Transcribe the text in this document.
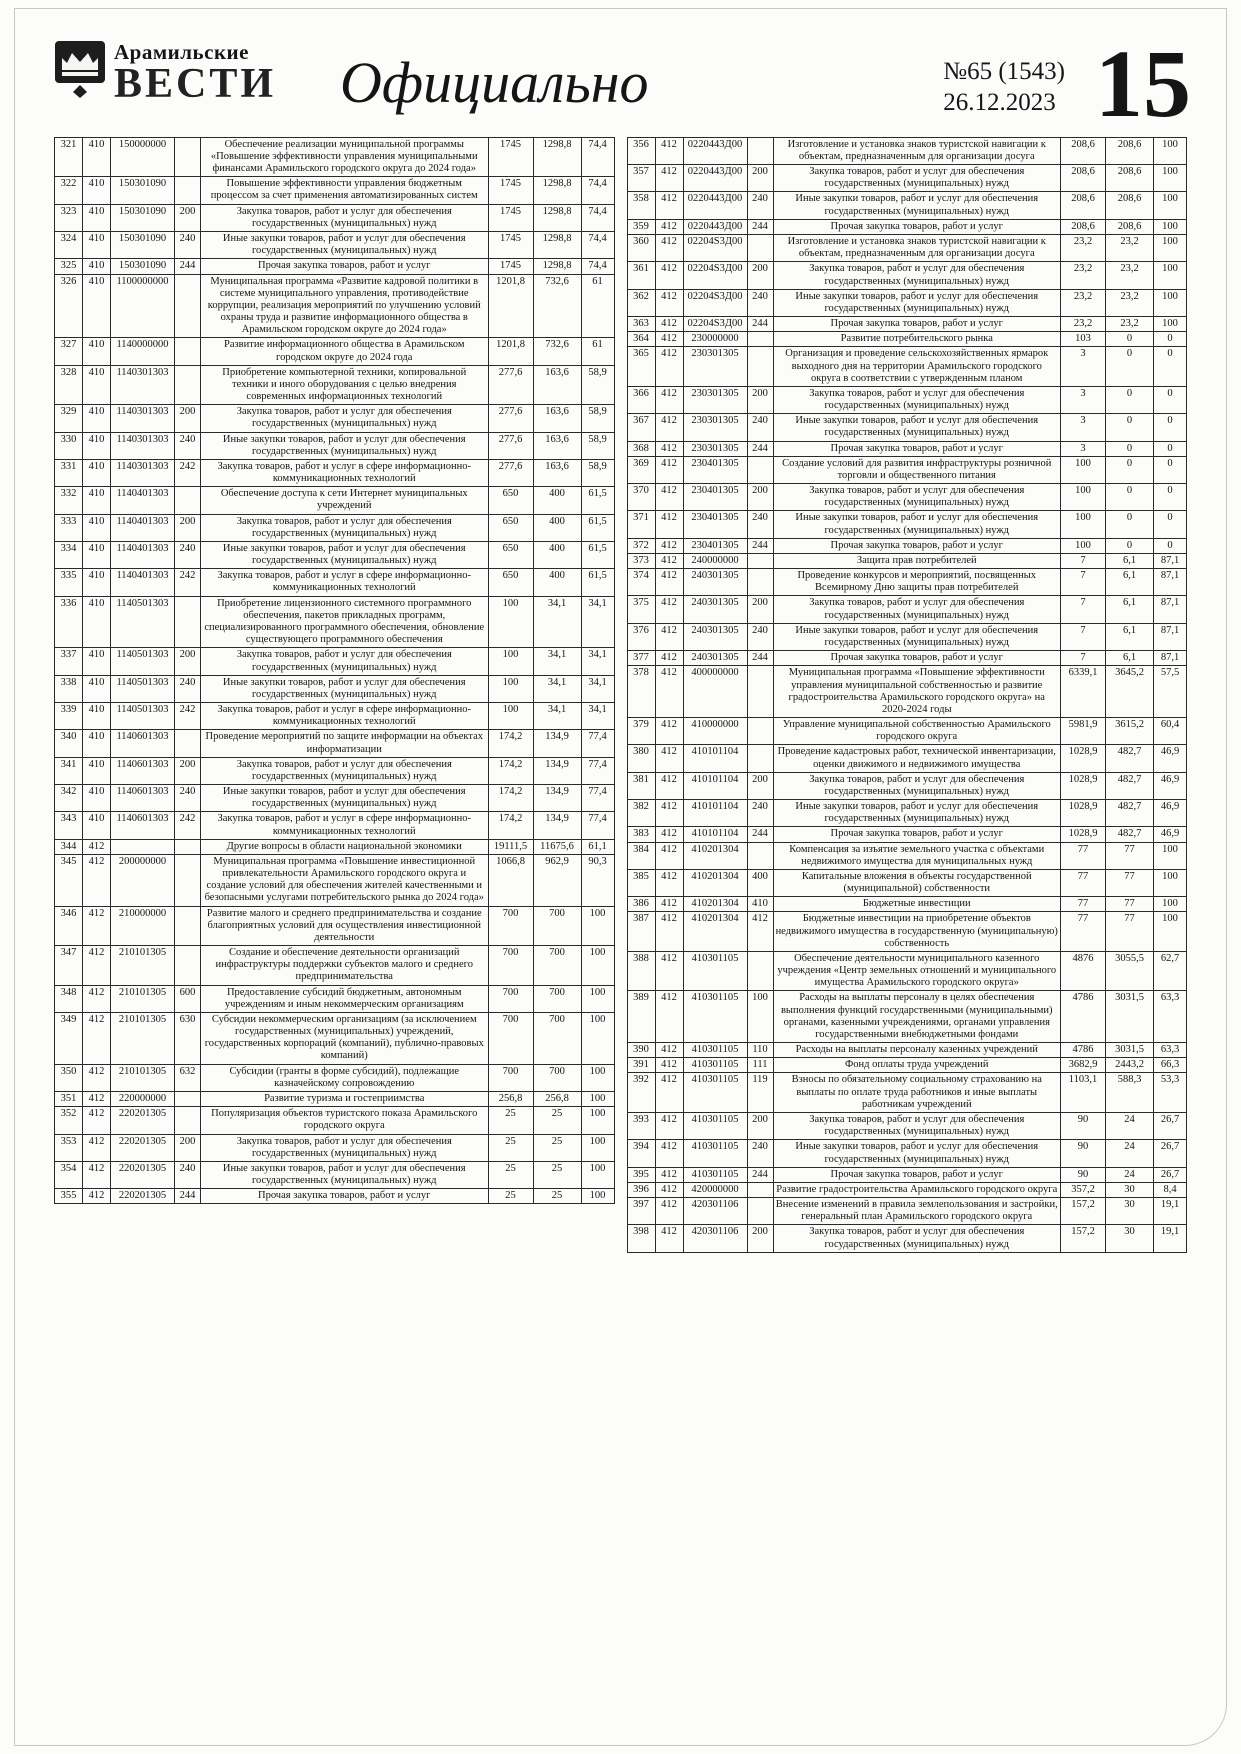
Арамильские
ВЕСТИ Официально	№65 (1543)
26.12.2023 15
321	410	150000000		Обеспечение реализации муниципальной программы «Повышение эффективности управления муниципальными финансами Арамильского городского округа до 2024 года»	1745	1298,8	74,4
322	410	150301090		Повышение эффективности управления бюджетным процессом за счет применения автоматизированных систем	1745	1298,8	74,4
323	410	150301090	200	Закупка товаров, работ и услуг для обеспечения государственных (муниципальных) нужд	1745	1298,8	74,4
324	410	150301090	240	Иные закупки товаров, работ и услуг для обеспечения государственных (муниципальных) нужд	1745	1298,8	74,4
325	410	150301090	244	Прочая закупка товаров, работ и услуг	1745	1298,8	74,4
326	410	1100000000		Муниципальная программа «Развитие кадровой политики в системе муниципального управления, противодействие коррупции, реализация мероприятий по улучшению условий охраны труда и развитие информационного общества в Арамильском городском округе до 2024 года»	1201,8	732,6	61
327	410	1140000000		Развитие информационного общества в Арамильском городском округе до 2024 года	1201,8	732,6	61
328	410	1140301303		Приобретение компьютерной техники, копировальной техники и иного оборудования с целью внедрения современных информационных технологий	277,6	163,6	58,9
329	410	1140301303	200	Закупка товаров, работ и услуг для обеспечения государственных (муниципальных) нужд	277,6	163,6	58,9
330	410	1140301303	240	Иные закупки товаров, работ и услуг для обеспечения государственных (муниципальных) нужд	277,6	163,6	58,9
331	410	1140301303	242	Закупка товаров, работ и услуг в сфере информационно-коммуникационных технологий	277,6	163,6	58,9
332	410	1140401303		Обеспечение доступа к сети Интернет муниципальных учреждений	650	400	61,5
333	410	1140401303	200	Закупка товаров, работ и услуг для обеспечения государственных (муниципальных) нужд	650	400	61,5
334	410	1140401303	240	Иные закупки товаров, работ и услуг для обеспечения государственных (муниципальных) нужд	650	400	61,5
335	410	1140401303	242	Закупка товаров, работ и услуг в сфере информационно-коммуникационных технологий	650	400	61,5
336	410	1140501303		Приобретение лицензионного системного программного обеспечения, пакетов прикладных программ, специализированного программного обеспечения, обновление существующего программного обеспечения	100	34,1	34,1
337	410	1140501303	200	Закупка товаров, работ и услуг для обеспечения государственных (муниципальных) нужд	100	34,1	34,1
338	410	1140501303	240	Иные закупки товаров, работ и услуг для обеспечения государственных (муниципальных) нужд	100	34,1	34,1
339	410	1140501303	242	Закупка товаров, работ и услуг в сфере информационно-коммуникационных технологий	100	34,1	34,1
340	410	1140601303		Проведение мероприятий по защите информации на объектах информатизации	174,2	134,9	77,4
341	410	1140601303	200	Закупка товаров, работ и услуг для обеспечения государственных (муниципальных) нужд	174,2	134,9	77,4
342	410	1140601303	240	Иные закупки товаров, работ и услуг для обеспечения государственных (муниципальных) нужд	174,2	134,9	77,4
343	410	1140601303	242	Закупка товаров, работ и услуг в сфере информационно-коммуникационных технологий	174,2	134,9	77,4
344	412			Другие вопросы в области национальной экономики	19111,5	11675,6	61,1
345	412	200000000		Муниципальная программа «Повышение инвестиционной привлекательности Арамильского городского округа и создание условий для обеспечения жителей качественными и безопасными услугами потребительского рынка до 2024 года»	1066,8	962,9	90,3
346	412	210000000		Развитие малого и среднего предпринимательства и создание благоприятных условий для осуществления инвестиционной деятельности	700	700	100
347	412	210101305		Создание и обеспечение деятельности организаций инфраструктуры поддержки субъектов малого и среднего предпринимательства	700	700	100
348	412	210101305	600	Предоставление субсидий бюджетным, автономным учреждениям и иным некоммерческим организациям	700	700	100
349	412	210101305	630	Субсидии некоммерческим организациям (за исключением государственных (муниципальных) учреждений, государственных корпораций (компаний), публично-правовых компаний)	700	700	100
350	412	210101305	632	Субсидии (гранты в форме субсидий), подлежащие казначейскому сопровождению	700	700	100
351	412	220000000		Развитие туризма и гостеприимства	256,8	256,8	100
352	412	220201305		Популяризация объектов туристского показа Арамильского городского округа	25	25	100
353	412	220201305	200	Закупка товаров, работ и услуг для обеспечения государственных (муниципальных) нужд	25	25	100
354	412	220201305	240	Иные закупки товаров, работ и услуг для обеспечения государственных (муниципальных) нужд	25	25	100
355	412	220201305	244	Прочая закупка товаров, работ и услуг	25	25	100
356	412	0220443Д00		Изготовление и установка знаков туристской навигации к объектам, предназначенным для организации досуга	208,6	208,6	100
357	412	0220443Д00	200	Закупка товаров, работ и услуг для обеспечения государственных (муниципальных) нужд	208,6	208,6	100
358	412	0220443Д00	240	Иные закупки товаров, работ и услуг для обеспечения государственных (муниципальных) нужд	208,6	208,6	100
359	412	0220443Д00	244	Прочая закупка товаров, работ и услуг	208,6	208,6	100
360	412	02204S3Д00		Изготовление и установка знаков туристской навигации к объектам, предназначенным для организации досуга	23,2	23,2	100
361	412	02204S3Д00	200	Закупка товаров, работ и услуг для обеспечения государственных (муниципальных) нужд	23,2	23,2	100
362	412	02204S3Д00	240	Иные закупки товаров, работ и услуг для обеспечения государственных (муниципальных) нужд	23,2	23,2	100
363	412	02204S3Д00	244	Прочая закупка товаров, работ и услуг	23,2	23,2	100
364	412	230000000		Развитие потребительского рынка	103	0	0
365	412	230301305		Организация и проведение сельскохозяйственных ярмарок выходного дня на территории Арамильского городского округа в соответствии с утвержденным планом	3	0	0
366	412	230301305	200	Закупка товаров, работ и услуг для обеспечения государственных (муниципальных) нужд	3	0	0
367	412	230301305	240	Иные закупки товаров, работ и услуг для обеспечения государственных (муниципальных) нужд	3	0	0
368	412	230301305	244	Прочая закупка товаров, работ и услуг	3	0	0
369	412	230401305		Создание условий для развития инфраструктуры розничной торговли и общественного питания	100	0	0
370	412	230401305	200	Закупка товаров, работ и услуг для обеспечения государственных (муниципальных) нужд	100	0	0
371	412	230401305	240	Иные закупки товаров, работ и услуг для обеспечения государственных (муниципальных) нужд	100	0	0
372	412	230401305	244	Прочая закупка товаров, работ и услуг	100	0	0
373	412	240000000		Защита прав потребителей	7	6,1	87,1
374	412	240301305		Проведение конкурсов и мероприятий, посвященных Всемирному Дню защиты прав потребителей	7	6,1	87,1
375	412	240301305	200	Закупка товаров, работ и услуг для обеспечения государственных (муниципальных) нужд	7	6,1	87,1
376	412	240301305	240	Иные закупки товаров, работ и услуг для обеспечения государственных (муниципальных) нужд	7	6,1	87,1
377	412	240301305	244	Прочая закупка товаров, работ и услуг	7	6,1	87,1
378	412	400000000		Муниципальная программа «Повышение эффективности управления муниципальной собственностью и развитие градостроительства Арамильского городского округа» на 2020-2024 годы	6339,1	3645,2	57,5
379	412	410000000		Управление муниципальной собственностью Арамильского городского округа	5981,9	3615,2	60,4
380	412	410101104		Проведение кадастровых работ, технической инвентаризации, оценки движимого и недвижимого имущества	1028,9	482,7	46,9
381	412	410101104	200	Закупка товаров, работ и услуг для обеспечения государственных (муниципальных) нужд	1028,9	482,7	46,9
382	412	410101104	240	Иные закупки товаров, работ и услуг для обеспечения государственных (муниципальных) нужд	1028,9	482,7	46,9
383	412	410101104	244	Прочая закупка товаров, работ и услуг	1028,9	482,7	46,9
384	412	410201304		Компенсация за изъятие земельного участка с объектами недвижимого имущества для муниципальных нужд	77	77	100
385	412	410201304	400	Капитальные вложения в объекты государственной (муниципальной) собственности	77	77	100
386	412	410201304	410	Бюджетные инвестиции	77	77	100
387	412	410201304	412	Бюджетные инвестиции на приобретение объектов недвижимого имущества в государственную (муниципальную) собственность	77	77	100
388	412	410301105		Обеспечение деятельности муниципального казенного учреждения «Центр земельных отношений и муниципального имущества Арамильского городского округа»	4876	3055,5	62,7
389	412	410301105	100	Расходы на выплаты персоналу в целях обеспечения выполнения функций государственными (муниципальными) органами, казенными учреждениями, органами управления государственными внебюджетными фондами	4786	3031,5	63,3
390	412	410301105	110	Расходы на выплаты персоналу казенных учреждений	4786	3031,5	63,3
391	412	410301105	111	Фонд оплаты труда учреждений	3682,9	2443,2	66,3
392	412	410301105	119	Взносы по обязательному социальному страхованию на выплаты по оплате труда работников и иные выплаты работникам учреждений	1103,1	588,3	53,3
393	412	410301105	200	Закупка товаров, работ и услуг для обеспечения государственных (муниципальных) нужд	90	24	26,7
394	412	410301105	240	Иные закупки товаров, работ и услуг для обеспечения государственных (муниципальных) нужд	90	24	26,7
395	412	410301105	244	Прочая закупка товаров, работ и услуг	90	24	26,7
396	412	420000000		Развитие градостроительства Арамильского городского округа	357,2	30	8,4
397	412	420301106		Внесение изменений в правила землепользования и застройки, генеральный план Арамильского городского округа	157,2	30	19,1
398	412	420301106	200	Закупка товаров, работ и услуг для обеспечения государственных (муниципальных) нужд	157,2	30	19,1
